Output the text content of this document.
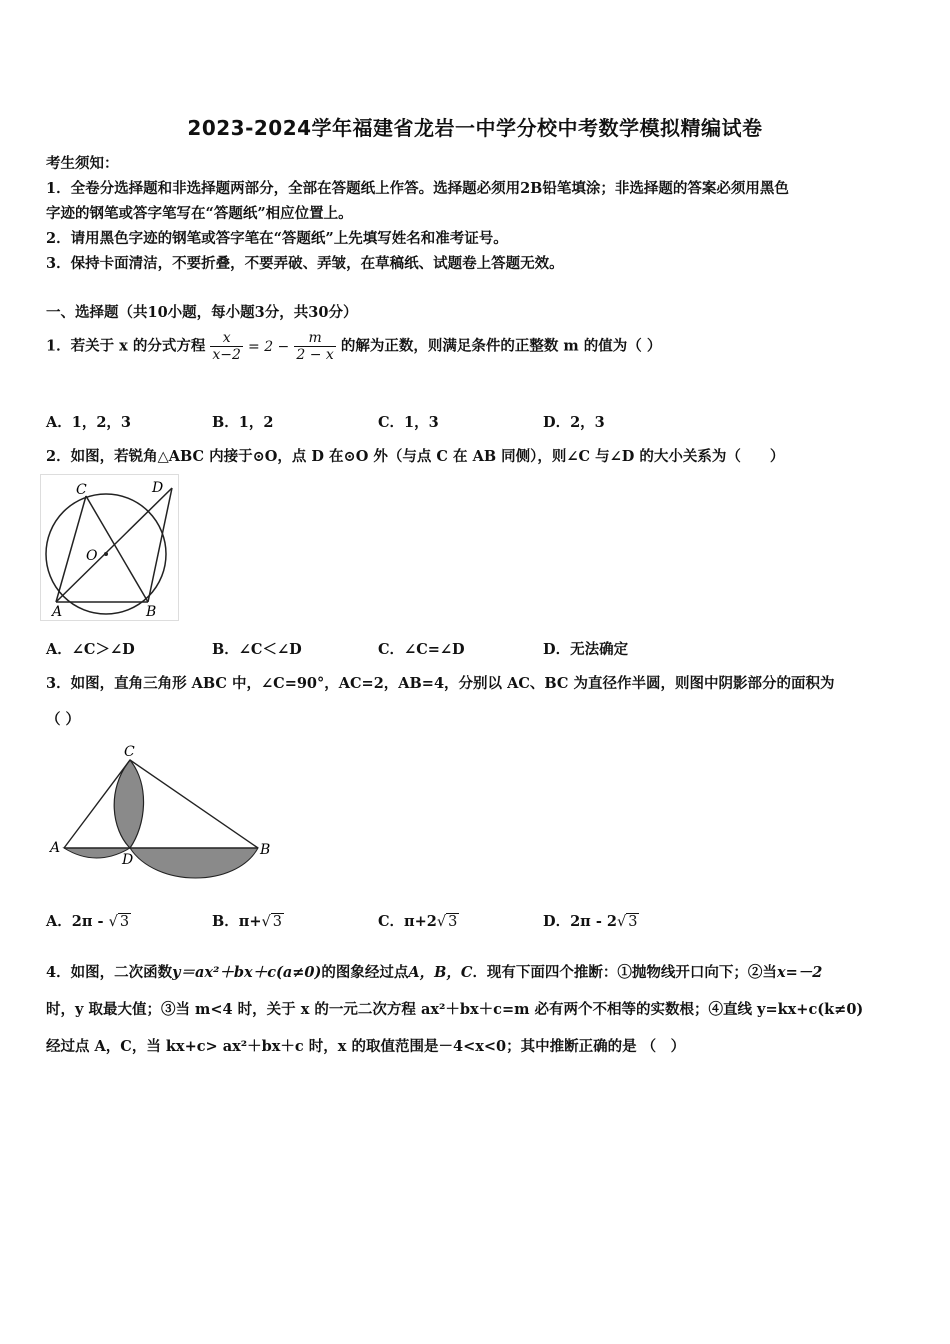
2023-2024学年福建省龙岩一中学分校中考数学模拟精编试卷
考生须知：
1．全卷分选择题和非选择题两部分，全部在答题纸上作答。选择题必须用2B铅笔填涂；非选择题的答案必须用黑色
字迹的钢笔或答字笔写在“答题纸”相应位置上。
2．请用黑色字迹的钢笔或答字笔在“答题纸”上先填写姓名和准考证号。
3．保持卡面清洁，不要折叠，不要弄破、弄皱，在草稿纸、试题卷上答题无效。
一、选择题（共10小题，每小题3分，共30分）
1．若关于 x 的分式方程 $\frac{x}{x-2} = 2 - \frac{m}{2 - x}$ 的解为正数，则满足条件的正整数 m 的值为（ ）
A．1，2，3	B．1，2	C．1，3	D．2，3
2．如图，若锐角△ABC 内接于⊙O，点 D 在⊙O 外（与点 C 在 AB 同侧），则∠C 与∠D 的大小关系为（　　）
C	D
O
A	B
A．∠C＞∠D	B．∠C＜∠D	C．∠C=∠D	D．无法确定
3．如图，直角三角形 ABC 中，∠C=90°，AC=2，AB=4，分别以 AC、BC 为直径作半圆，则图中阴影部分的面积为
（ ）
C
A
D
B
A．2π - √ 3	B．π+√ 3	C．π+2√ 3	D．2π - 2√ 3
4．如图，二次函数y＝ax²＋bx＋c(a≠0)的图象经过点A，B，C．现有下面四个推断：①抛物线开口向下；②当x=－2
时，y 取最大值；③当 m<4 时，关于 x 的一元二次方程 ax²＋bx＋c=m 必有两个不相等的实数根；④直线 y=kx+c(k≠0)
经过点 A，C，当 kx+c> ax²＋bx＋c 时，x 的取值范围是－4<x<0；其中推断正确的是 （　）
